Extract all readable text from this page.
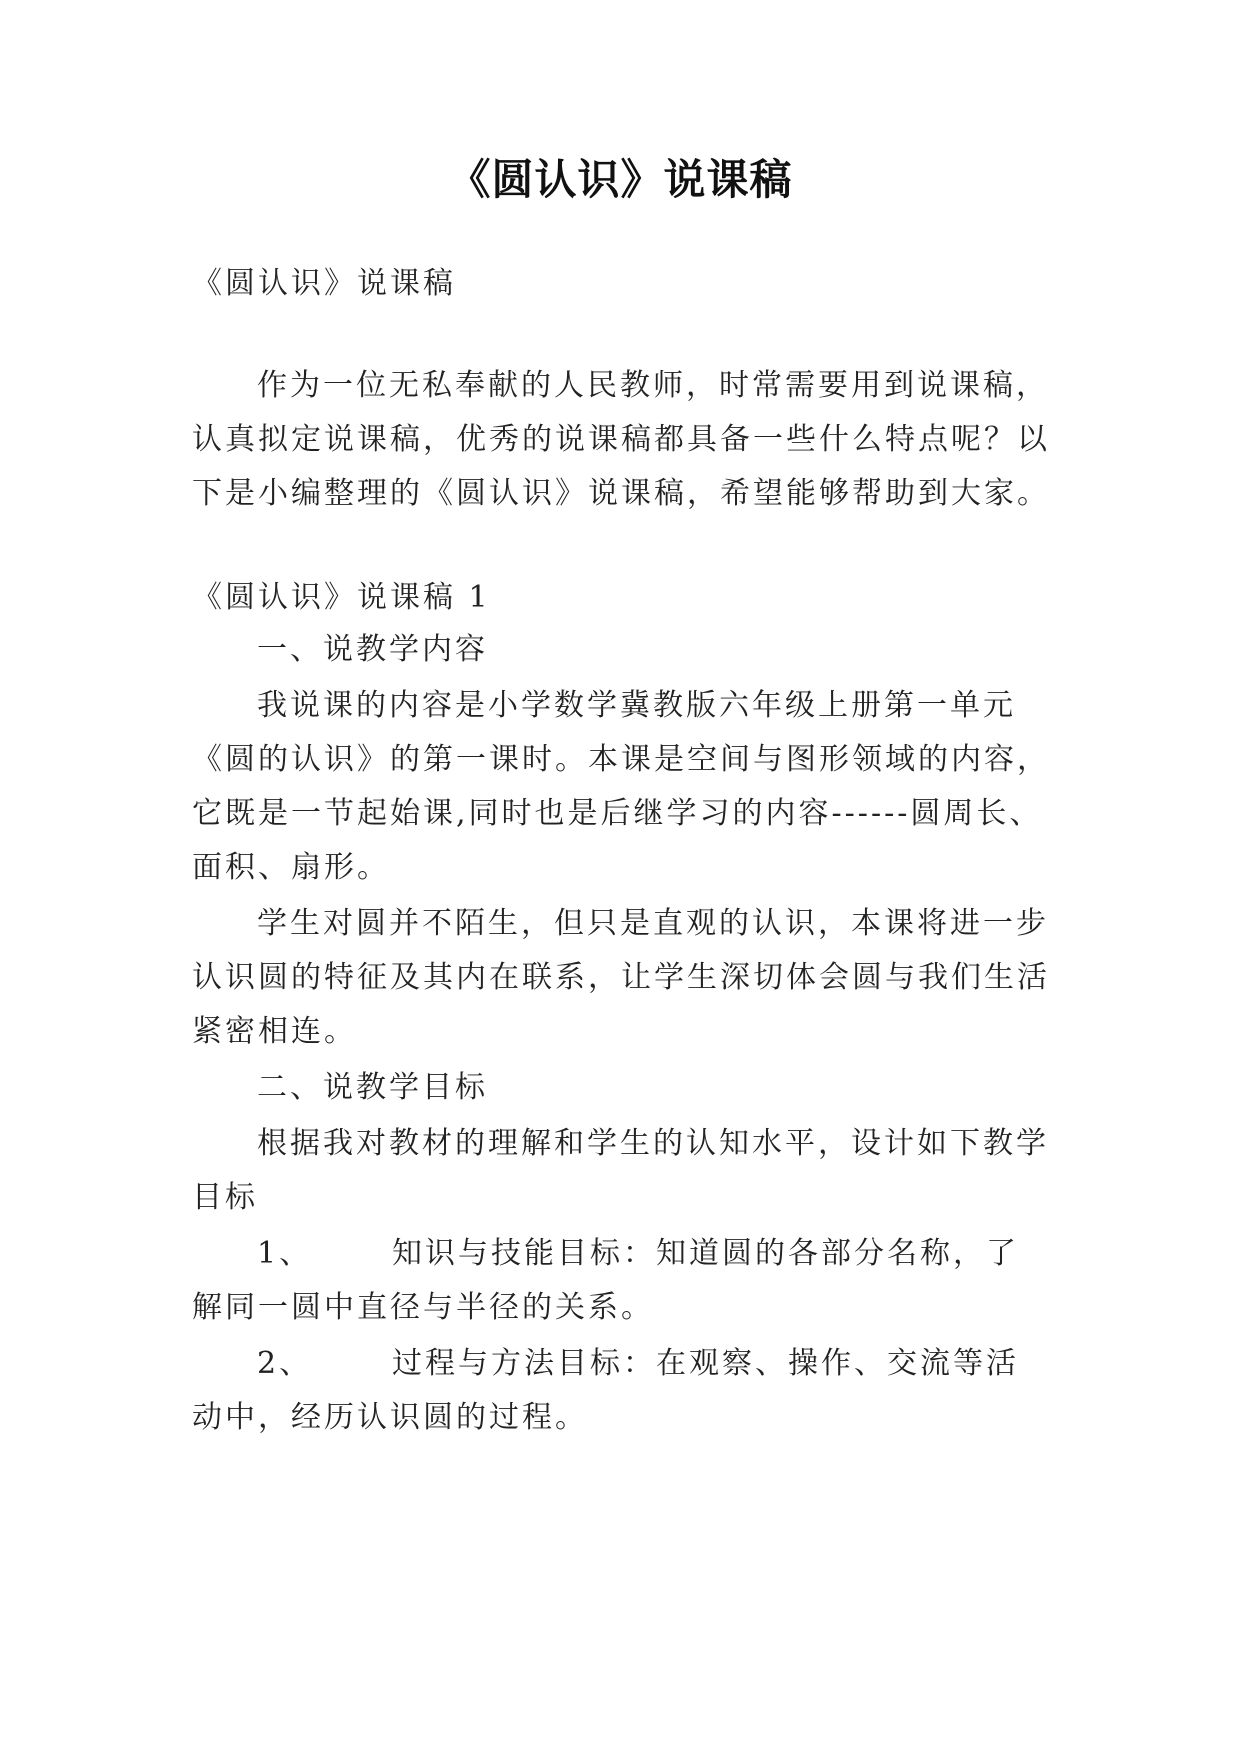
《圆认识》说课稿
《圆认识》说课稿
作为一位无私奉献的人民教师，时常需要用到说课稿，
认真拟定说课稿，优秀的说课稿都具备一些什么特点呢？以
下是小编整理的《圆认识》说课稿，希望能够帮助到大家。
《圆认识》说课稿 1
一、说教学内容
我说课的内容是小学数学冀教版六年级上册第一单元
《圆的认识》的第一课时。本课是空间与图形领域的内容，
它既是一节起始课,同时也是后继学习的内容------圆周长、
面积、扇形。
学生对圆并不陌生，但只是直观的认识，本课将进一步
认识圆的特征及其内在联系，让学生深切体会圆与我们生活
紧密相连。
二、说教学目标
根据我对教材的理解和学生的认知水平，设计如下教学
目标
1、	知识与技能目标：知道圆的各部分名称，了
解同一圆中直径与半径的关系。
2、	过程与方法目标：在观察、操作、交流等活
动中，经历认识圆的过程。
